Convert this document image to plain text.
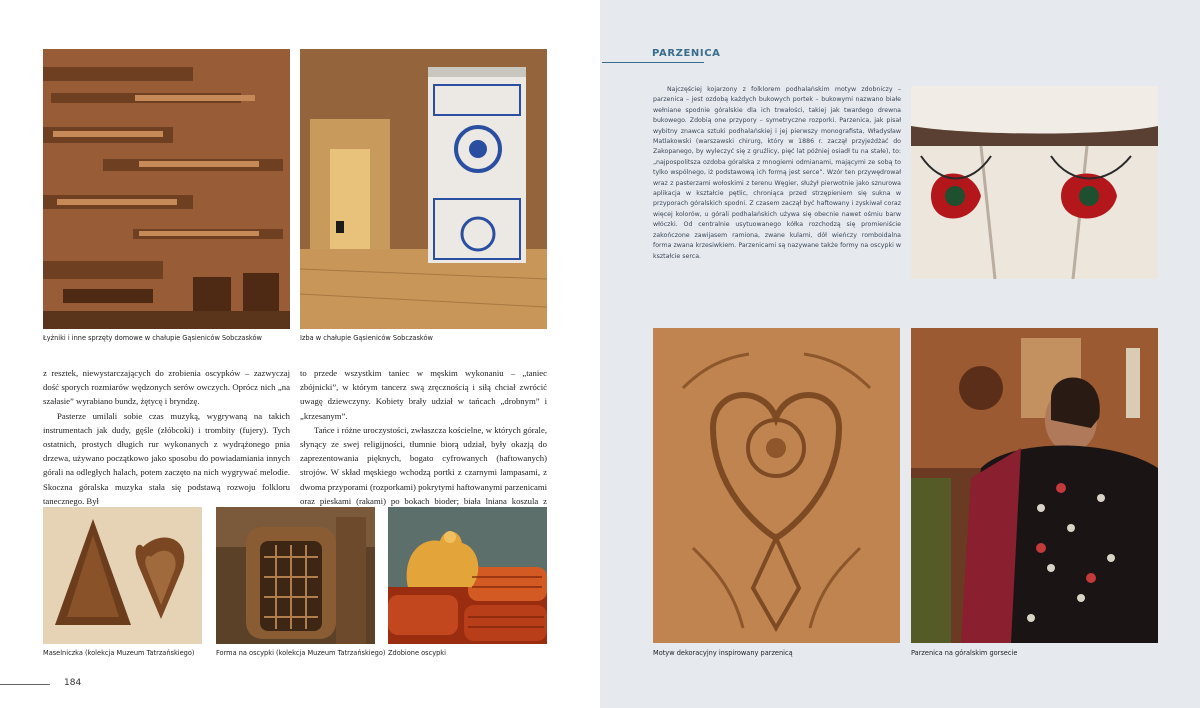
Łyżniki i inne sprzęty domowe w chałupie Gąsieniców Sobczasków	Izba w chałupie Gąsieniców Sobczasków

z resztek, niewystarczających do zrobienia oscypków – zazwyczaj dość sporych rozmiarów wędzonych serów owczych. Oprócz nich „na szałasie” wyrabiano bundz, żętycę i bryndzę.

Pasterze umilali sobie czas muzyką, wygrywaną na takich instrumentach jak dudy, gęśle (złóbcoki) i trombity (fujery). Tych ostatnich, prostych długich rur wykonanych z wydrążonego pnia drzewa, używano początkowo jako sposobu do powiadamiania innych górali na odległych halach, potem zaczęto na nich wygrywać melodie. Skoczna góralska muzyka stała się podstawą rozwoju folkloru tanecznego. Był

to przede wszystkim taniec w męskim wykonaniu – „taniec zbójnicki”, w którym tancerz swą zręcznością i siłą chciał zwrócić uwagę dziewczyny. Kobiety brały udział w tańcach „drobnym” i „krzesanym”.

Tańce i różne uroczystości, zwłaszcza kościelne, w których górale, słynący ze swej religijności, tłumnie biorą udział, były okazją do zaprezentowania pięknych, bogato cyfrowanych (haftowanych) strojów. W skład męskiego wchodzą portki z czarnymi lampasami, z dwoma przyporami (rozporkami) pokrytymi haftowanymi parzenicami oraz pieskami (rakami) po bokach bioder; biała lniana koszula z

Maselniczka (kolekcja Muzeum Tatrzańskiego)	Forma na oscypki (kolekcja Muzeum Tatrzańskiego) Zdobione oscypki
184
PARZENICA

Najczęściej kojarzony z folklorem podhalańskim motyw zdobniczy – parzenica – jest ozdobą każdych bukowych portek – bukowymi nazwano białe wełniane spodnie góralskie dla ich trwałości, takiej jak twardego drewna bukowego. Zdobią one przypory – symetryczne rozporki. Parzenica, jak pisał wybitny znawca sztuki podhalańskiej i jej pierwszy monografista, Władysław Matlakowski (warszawski chirurg, który w 1886 r. zaczął przyjeżdżać do Zakopanego, by wyleczyć się z gruźlicy, pięć lat później osiadł tu na stałe), to: „najpospolitsza ozdoba góralska z mnogiemi odmianami, mającymi ze sobą to tylko wspólnego, iż podstawową ich formą jest serce”. Wzór ten przywędrował wraz z pasterzami wołoskimi z terenu Węgier, służył pierwotnie jako sznurowa aplikacja w kształcie pętlic, chroniąca przed strzępieniem się sukna w przyporach góralskich spodni. Z czasem zaczął być haftowany i zyskiwał coraz więcej kolorów, u górali podhalańskich używa się obecnie nawet ośmiu barw włóczki. Od centralnie usytuowanego kółka rozchodzą się promieniście zakończone zawijasem ramiona, zwane kulami, dół wieńczy romboidalna forma zwana krzesiwkiem. Parzenicami są nazywane także formy na oscypki w kształcie serca.

Motyw dekoracyjny inspirowany parzenicą	Parzenica na góralskim gorsecie
